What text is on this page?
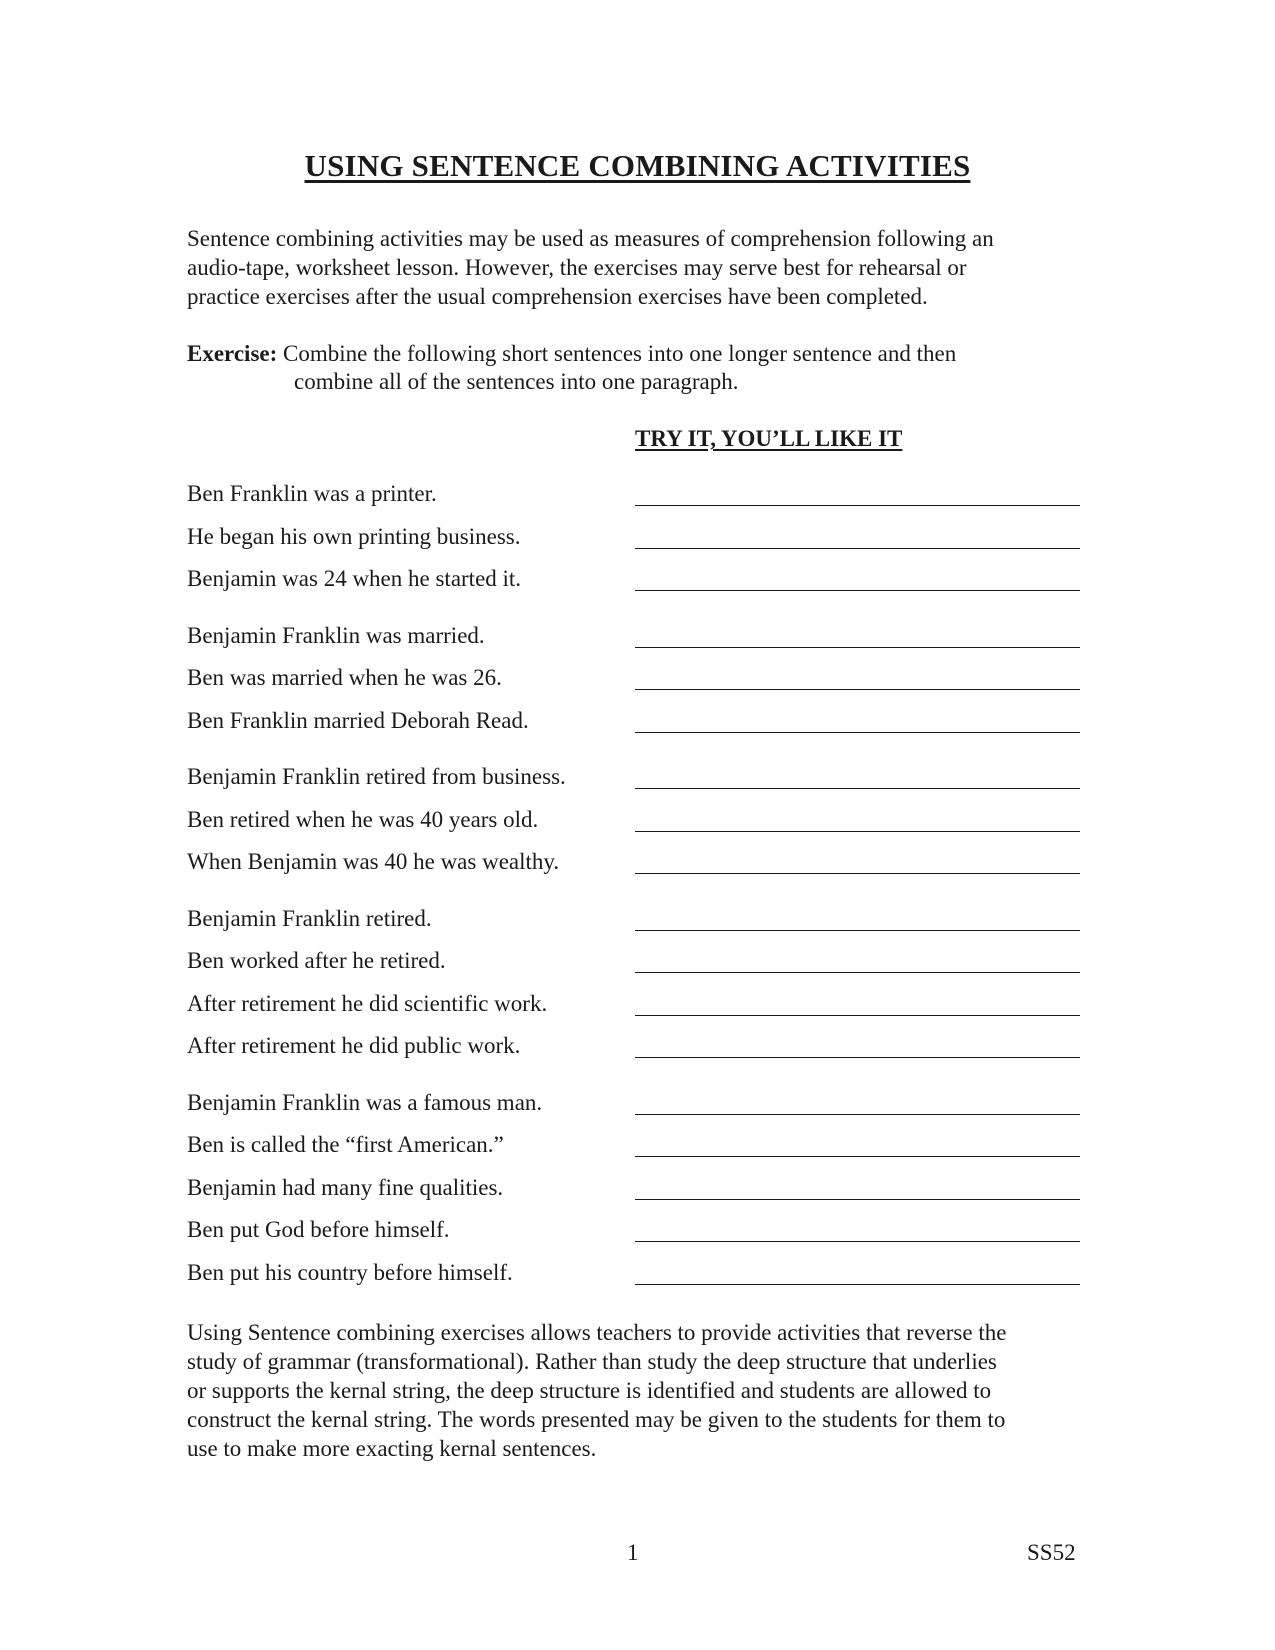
USING SENTENCE COMBINING ACTIVITIES
Sentence combining activities may be used as measures of comprehension following an
audio-tape, worksheet lesson. However, the exercises may serve best for rehearsal or
practice exercises after the usual comprehension exercises have been completed.
Exercise: Combine the following short sentences into one longer sentence and then
combine all of the sentences into one paragraph.
TRY IT, YOU’LL LIKE IT
Ben Franklin was a printer.
He began his own printing business.
Benjamin was 24 when he started it.
Benjamin Franklin was married.
Ben was married when he was 26.
Ben Franklin married Deborah Read.
Benjamin Franklin retired from business.
Ben retired when he was 40 years old.
When Benjamin was 40 he was wealthy.
Benjamin Franklin retired.
Ben worked after he retired.
After retirement he did scientific work.
After retirement he did public work.
Benjamin Franklin was a famous man.
Ben is called the “first American.”
Benjamin had many fine qualities.
Ben put God before himself.
Ben put his country before himself.
Using Sentence combining exercises allows teachers to provide activities that reverse the
study of grammar (transformational). Rather than study the deep structure that underlies
or supports the kernal string, the deep structure is identified and students are allowed to
construct the kernal string. The words presented may be given to the students for them to
use to make more exacting kernal sentences.
1	SS52
